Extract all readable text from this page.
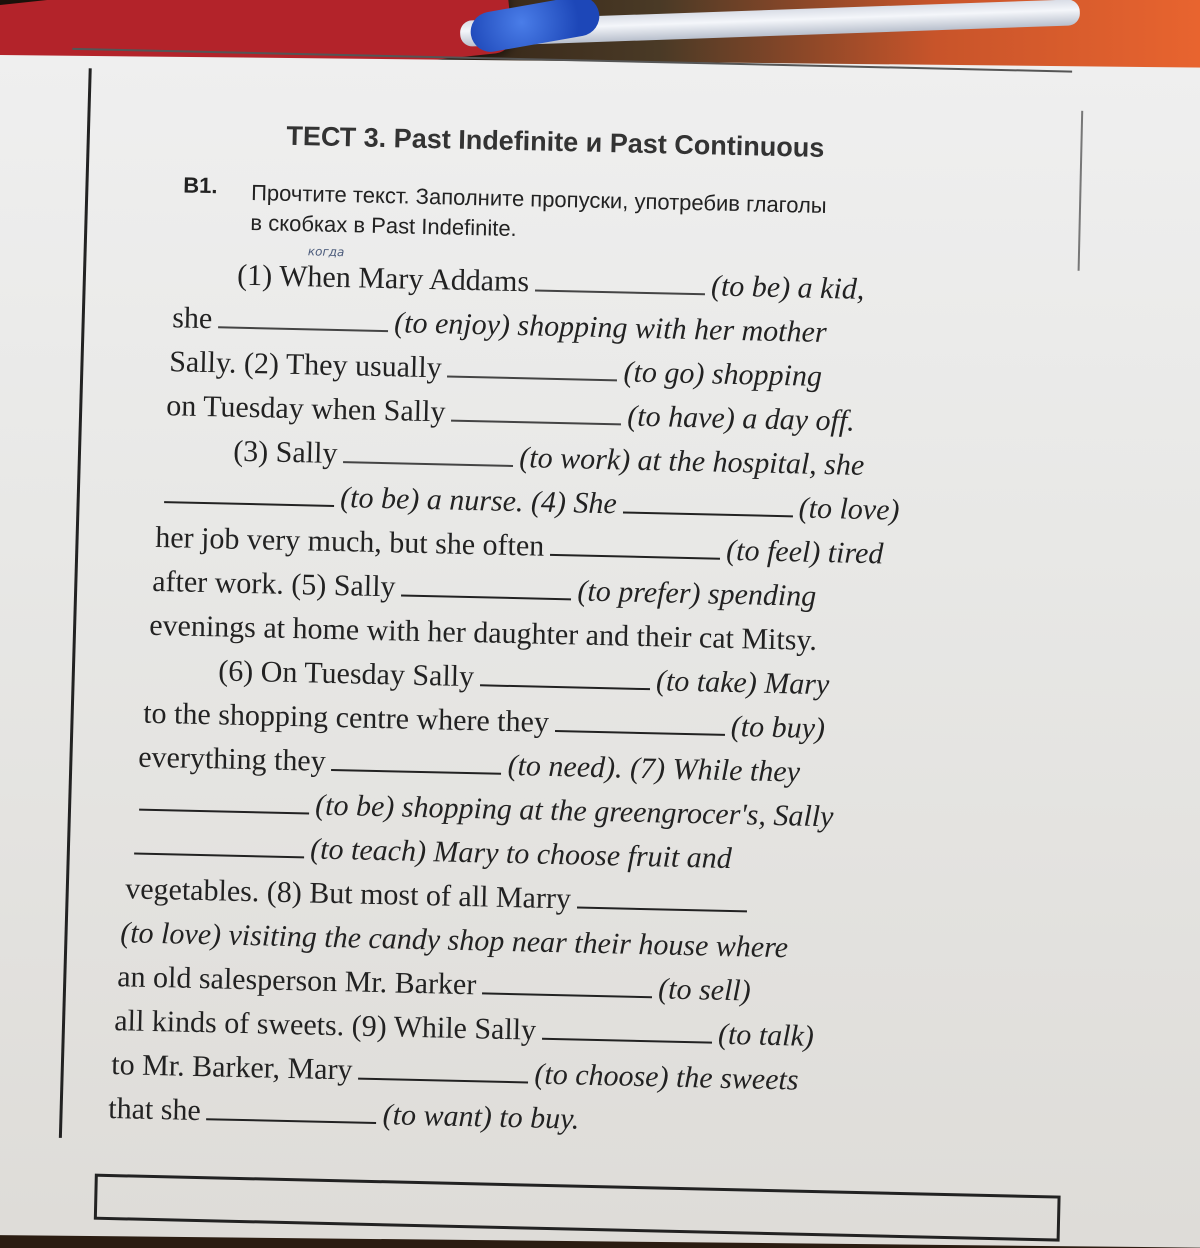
ТЕСТ 3. Past Indefinite и Past Continuous
B1. Прочтите текст. Заполните пропуски, употребив глаголы
в скобках в Past Indefinite.
когда
(1) When Mary Addams	(to be) a kid,
she	(to enjoy) shopping with her mother
Sally. (2) They usually	(to go) shopping
on Tuesday when Sally	(to have) a day off.
(3) Sally	(to work) at the hospital, she
(to be) a nurse. (4) She	(to love)
her job very much, but she often	(to feel) tired
after work. (5) Sally	(to prefer) spending
evenings at home with her daughter and their cat Mitsy.
(6) On Tuesday Sally	(to take) Mary
to the shopping centre where they	(to buy)
everything they	(to need). (7) While they
(to be) shopping at the greengrocer's, Sally
(to teach) Mary to choose fruit and
vegetables. (8) But most of all Marry
(to love) visiting the candy shop near their house where
an old salesperson Mr. Barker	(to sell)
all kinds of sweets. (9) While Sally	(to talk)
to Mr. Barker, Mary	(to choose) the sweets
that she	(to want) to buy.
